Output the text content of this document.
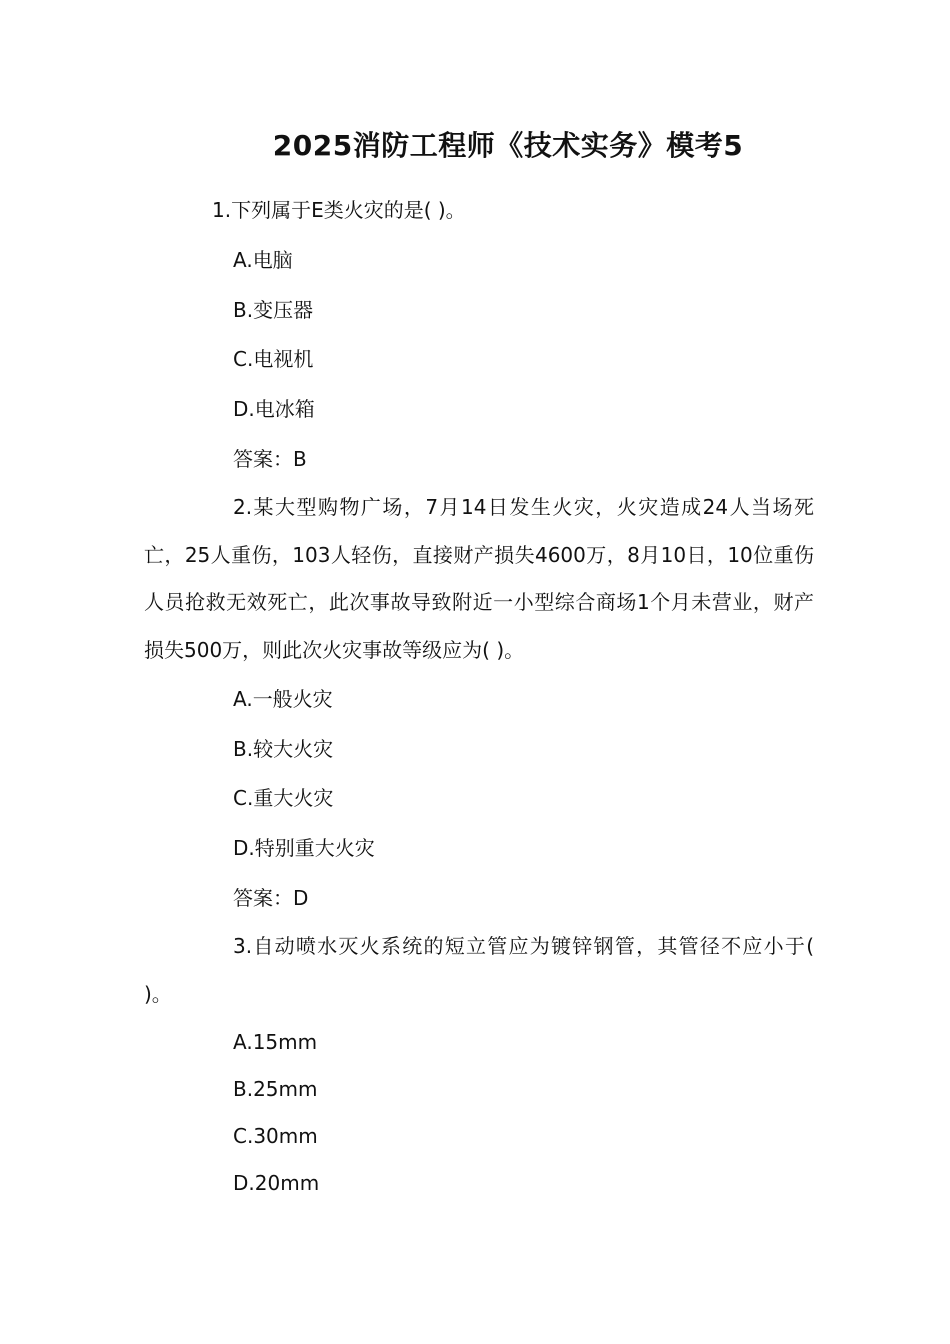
2025消防工程师《技术实务》模考5
1.下列属于E类火灾的是( )。
A.电脑
B.变压器
C.电视机
D.电冰箱
答案：B
2.某大型购物广场，7月14日发生火灾，火灾造成24人当场死亡，25人重伤，103人轻伤，直接财产损失4600万，8月10日，10位重伤人员抢救无效死亡，此次事故导致附近一小型综合商场1个月未营业，财产损失500万，则此次火灾事故等级应为( )。
A.一般火灾
B.较大火灾
C.重大火灾
D.特别重大火灾
答案：D
3.自动喷水灭火系统的短立管应为镀锌钢管，其管径不应小于( )。
A.15mm
B.25mm
C.30mm
D.20mm
